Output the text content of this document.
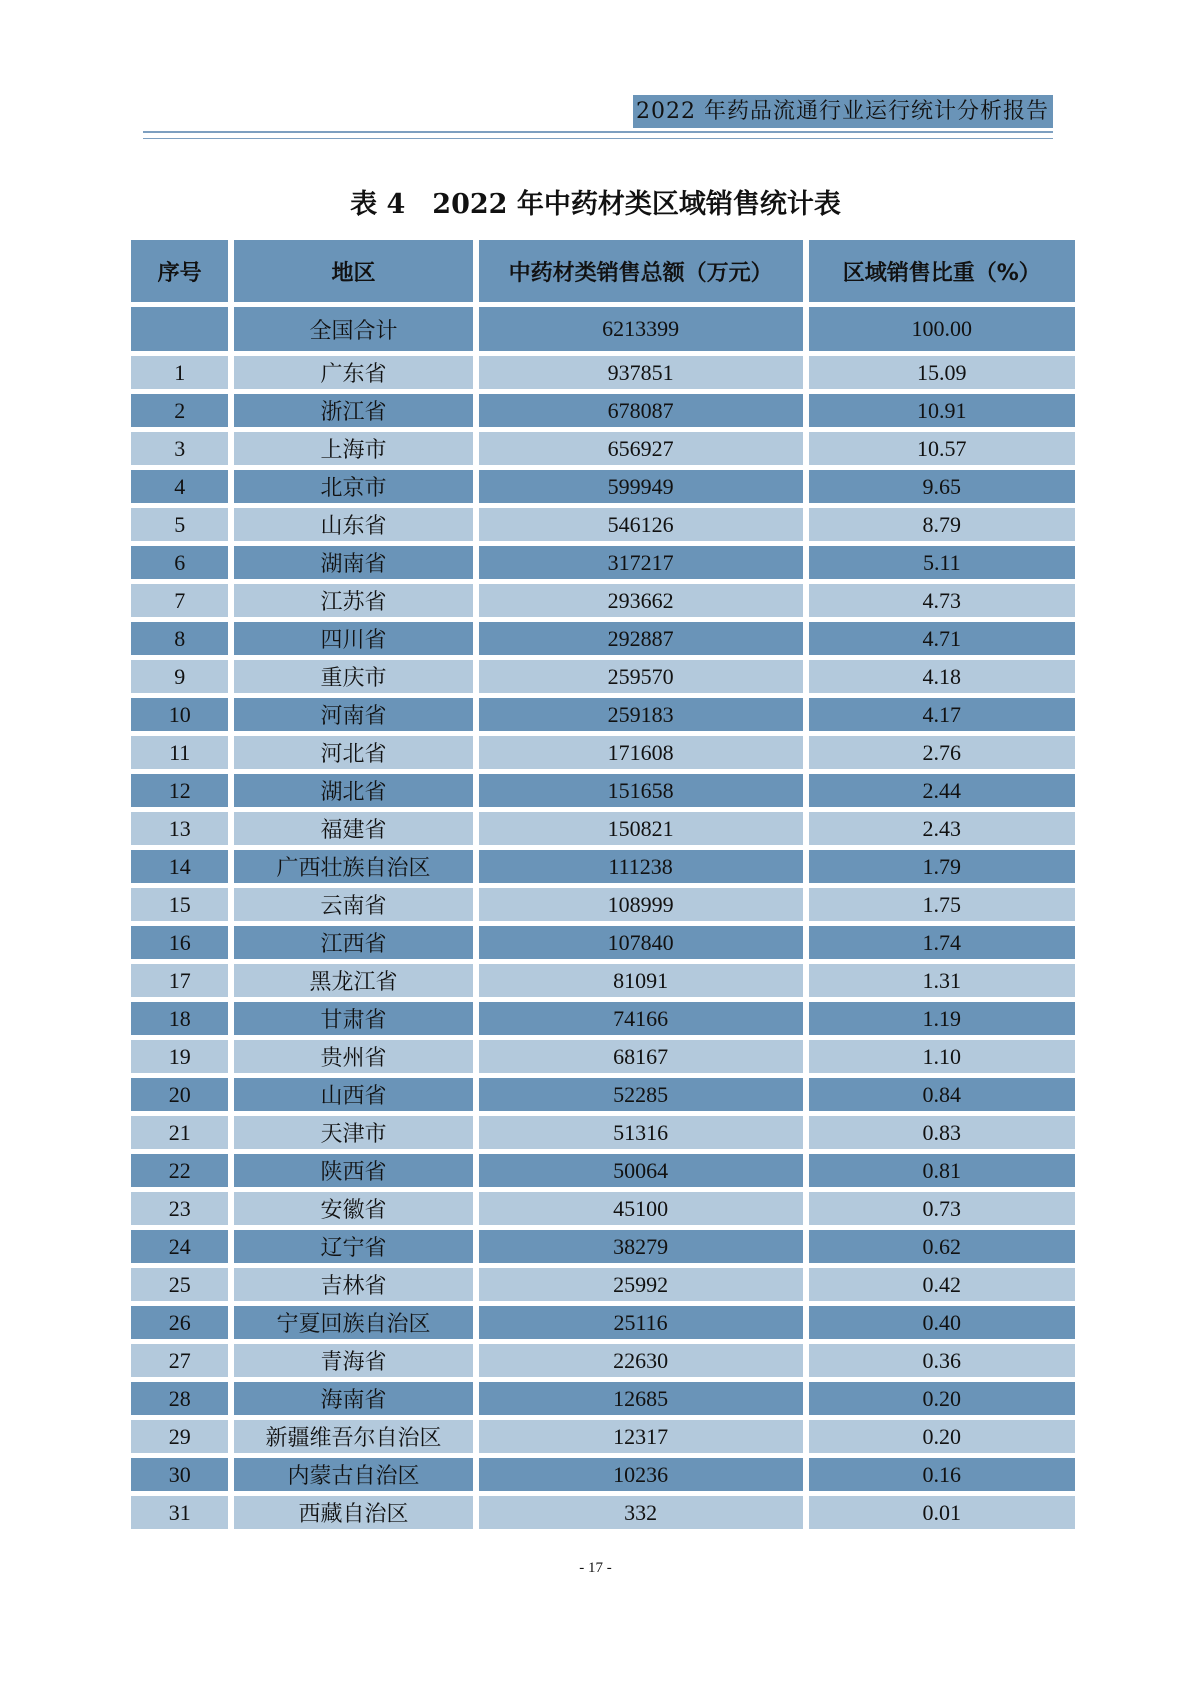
2022 年药品流通行业运行统计分析报告
表 4　2022 年中药材类区域销售统计表
序号	地区	中药材类销售总额（万元）	区域销售比重（%）
	全国合计	6213399	100.00
1	广东省	937851	15.09
2	浙江省	678087	10.91
3	上海市	656927	10.57
4	北京市	599949	9.65
5	山东省	546126	8.79
6	湖南省	317217	5.11
7	江苏省	293662	4.73
8	四川省	292887	4.71
9	重庆市	259570	4.18
10	河南省	259183	4.17
11	河北省	171608	2.76
12	湖北省	151658	2.44
13	福建省	150821	2.43
14	广西壮族自治区	111238	1.79
15	云南省	108999	1.75
16	江西省	107840	1.74
17	黑龙江省	81091	1.31
18	甘肃省	74166	1.19
19	贵州省	68167	1.10
20	山西省	52285	0.84
21	天津市	51316	0.83
22	陕西省	50064	0.81
23	安徽省	45100	0.73
24	辽宁省	38279	0.62
25	吉林省	25992	0.42
26	宁夏回族自治区	25116	0.40
27	青海省	22630	0.36
28	海南省	12685	0.20
29	新疆维吾尔自治区	12317	0.20
30	内蒙古自治区	10236	0.16
31	西藏自治区	332	0.01
- 17 -
